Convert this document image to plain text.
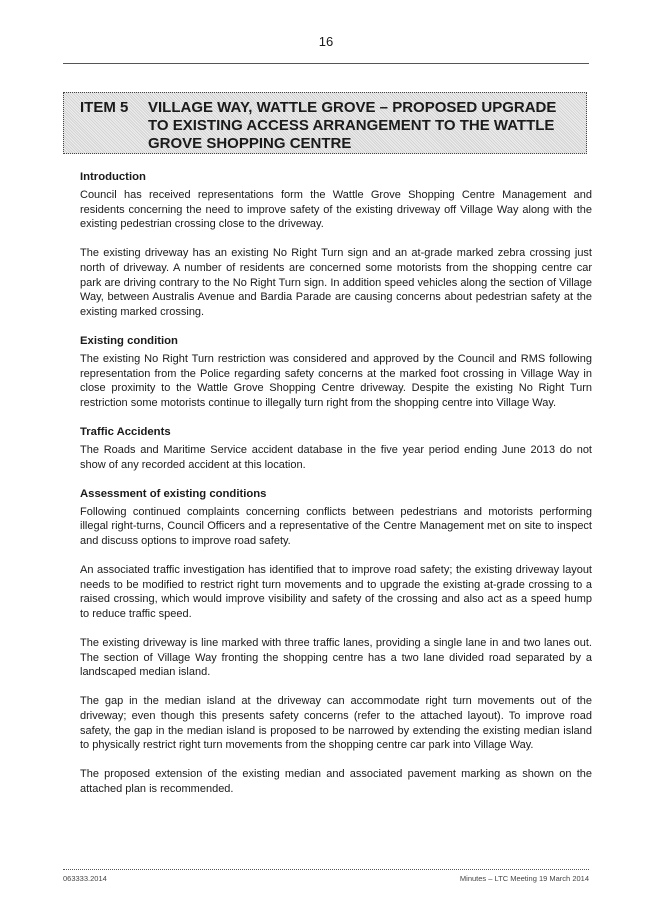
16
ITEM 5 VILLAGE WAY, WATTLE GROVE – PROPOSED UPGRADE TO EXISTING ACCESS ARRANGEMENT TO THE WATTLE GROVE SHOPPING CENTRE
Introduction

Council has received representations form the Wattle Grove Shopping Centre Management and residents concerning the need to improve safety of the existing driveway off Village Way along with the existing pedestrian crossing close to the driveway.

The existing driveway has an existing No Right Turn sign and an at-grade marked zebra crossing just north of driveway. A number of residents are concerned some motorists from the shopping centre car park are driving contrary to the No Right Turn sign. In addition speed vehicles along the section of Village Way, between Australis Avenue and Bardia Parade are causing concerns about pedestrian safety at the existing marked crossing.

Existing condition

The existing No Right Turn restriction was considered and approved by the Council and RMS following representation from the Police regarding safety concerns at the marked foot crossing in Village Way in close proximity to the Wattle Grove Shopping Centre driveway. Despite the existing No Right Turn restriction some motorists continue to illegally turn right from the shopping centre into Village Way.

Traffic Accidents

The Roads and Maritime Service accident database in the five year period ending June 2013 do not show of any recorded accident at this location.

Assessment of existing conditions

Following continued complaints concerning conflicts between pedestrians and motorists performing illegal right-turns, Council Officers and a representative of the Centre Management met on site to inspect and discuss options to improve road safety.

An associated traffic investigation has identified that to improve road safety; the existing driveway layout needs to be modified to restrict right turn movements and to upgrade the existing at-grade crossing to a raised crossing, which would improve visibility and safety of the crossing and also act as a speed hump to reduce traffic speed.

The existing driveway is line marked with three traffic lanes, providing a single lane in and two lanes out. The section of Village Way fronting the shopping centre has a two lane divided road separated by a landscaped median island.

The gap in the median island at the driveway can accommodate right turn movements out of the driveway; even though this presents safety concerns (refer to the attached layout). To improve road safety, the gap in the median island is proposed to be narrowed by extending the existing median island to physically restrict right turn movements from the shopping centre car park into Village Way.

The proposed extension of the existing median and associated pavement marking as shown on the attached plan is recommended.

063333.2014	Minutes – LTC Meeting 19 March 2014
